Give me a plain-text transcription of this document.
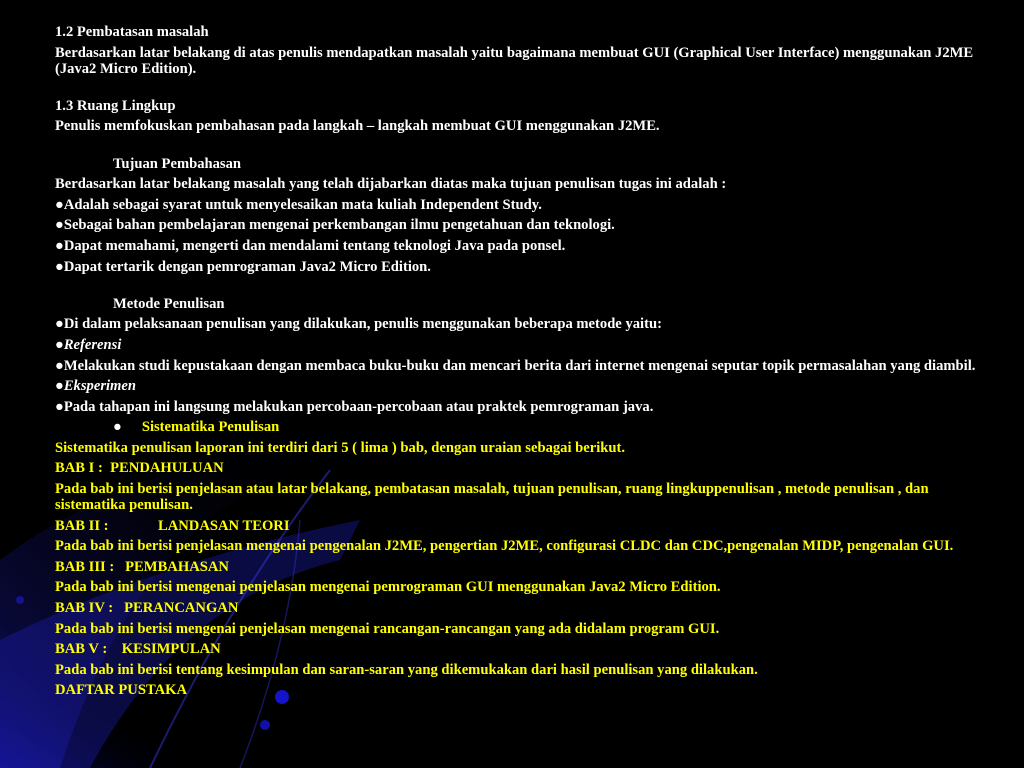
1.2 Pembatasan masalah
Berdasarkan latar belakang di atas penulis mendapatkan masalah yaitu bagaimana membuat GUI (Graphical User Interface) menggunakan J2ME (Java2 Micro Edition).
1.3 Ruang Lingkup
Penulis memfokuskan pembahasan pada langkah – langkah membuat GUI menggunakan J2ME.
Tujuan Pembahasan
Berdasarkan latar belakang masalah yang telah dijabarkan diatas maka tujuan penulisan tugas ini adalah :
●Adalah sebagai syarat untuk menyelesaikan mata kuliah Independent Study.
●Sebagai bahan pembelajaran mengenai perkembangan ilmu pengetahuan dan teknologi.
●Dapat memahami, mengerti dan mendalami tentang teknologi Java pada ponsel.
●Dapat tertarik dengan pemrograman Java2 Micro Edition.
Metode Penulisan
●Di dalam pelaksanaan penulisan yang dilakukan, penulis menggunakan beberapa metode yaitu:
●Referensi
●Melakukan studi kepustakaan dengan membaca buku-buku dan mencari berita dari internet mengenai seputar topik permasalahan yang diambil.
●Eksperimen
●Pada tahapan ini langsung melakukan percobaan-percobaan atau praktek pemrograman java.
● Sistematika Penulisan
Sistematika penulisan laporan ini terdiri dari 5 ( lima ) bab, dengan uraian sebagai berikut.
BAB I :  PENDAHULUAN
Pada bab ini berisi penjelasan atau latar belakang, pembatasan masalah, tujuan penulisan, ruang lingkuppenulisan , metode penulisan , dan sistematika penulisan.
BAB II :	LANDASAN TEORI
Pada bab ini berisi penjelasan mengenai pengenalan J2ME, pengertian J2ME, configurasi CLDC dan CDC,pengenalan MIDP, pengenalan GUI.
BAB III :   PEMBAHASAN
Pada bab ini berisi mengenai penjelasan mengenai pemrograman GUI menggunakan Java2 Micro Edition.
BAB IV :   PERANCANGAN
Pada bab ini berisi mengenai penjelasan mengenai rancangan-rancangan yang ada didalam program GUI.
BAB V :    KESIMPULAN
Pada bab ini berisi tentang kesimpulan dan saran-saran yang dikemukakan dari hasil penulisan yang dilakukan.
DAFTAR PUSTAKA
